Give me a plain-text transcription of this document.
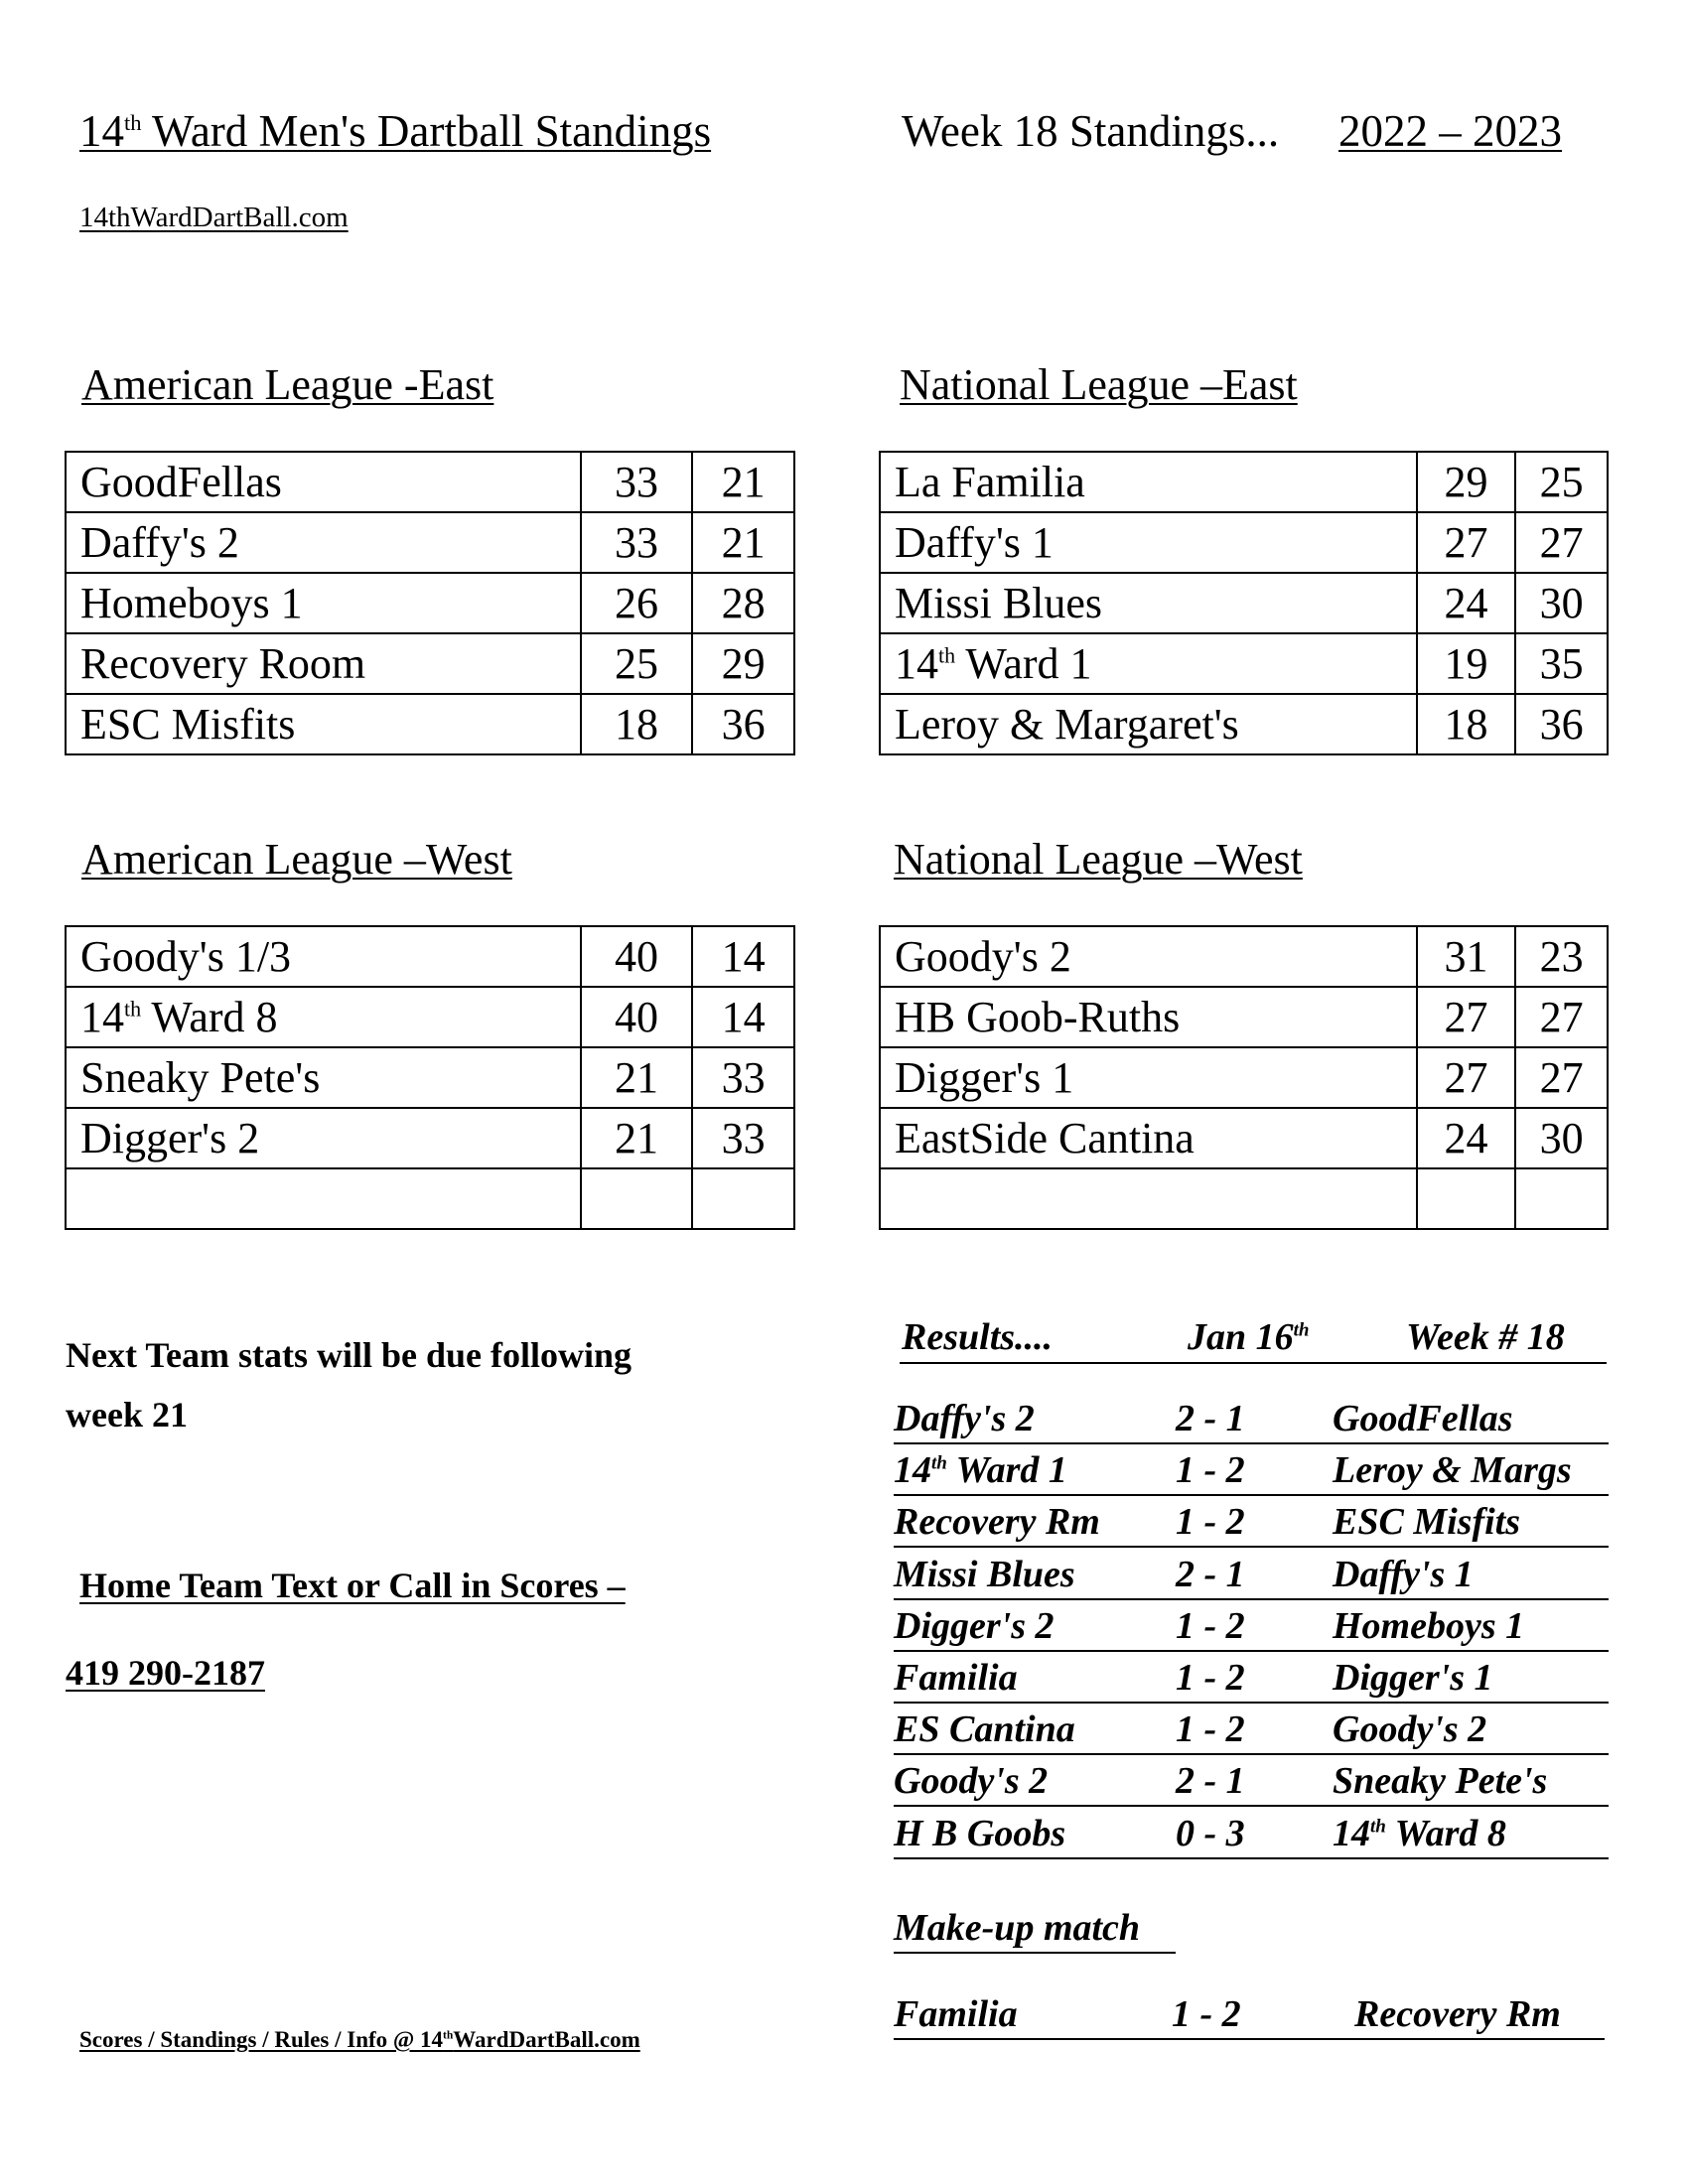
14th Ward Men's Dartball Standings	Week 18 Standings... 2022 – 2023
14thWardDartBall.com
American League -East	National League –East
American League –West	National League –West
GoodFellas	33	21
Daffy's 2	33	21
Homeboys 1	26	28
Recovery Room	25	29
ESC Misfits	18	36
La Familia	29	25
Daffy's 1	27	27
Missi Blues	24	30
14th Ward 1	19	35
Leroy & Margaret's	18	36
Goody's 1/3	40	14
14th Ward 8	40	14
Sneaky Pete's	21	33
Digger's 2	21	33

Goody's 2	31	23
HB Goob-Ruths	27	27
Digger's 1	27	27
EastSide Cantina	24	30

Next Team stats will be due following
week 21
Home Team Text or Call in Scores –
419 290-2187
Results....	Jan 16th	Week # 18
Daffy's 2	2 - 1 GoodFellas
14th Ward 1	1 - 2 Leroy & Margs
Recovery Rm 1 - 2 ESC Misfits
Missi Blues	2 - 1 Daffy's 1
Digger's 2	1 - 2 Homeboys 1
Familia	1 - 2 Digger's 1
ES Cantina	1 - 2 Goody's 2
Goody's 2	2 - 1 Sneaky Pete's
H B Goobs	0 - 3 14th Ward 8
Make-up match
Familia	1 - 2	Recovery Rm
Scores / Standings / Rules / Info @ 14thWardDartBall.com
